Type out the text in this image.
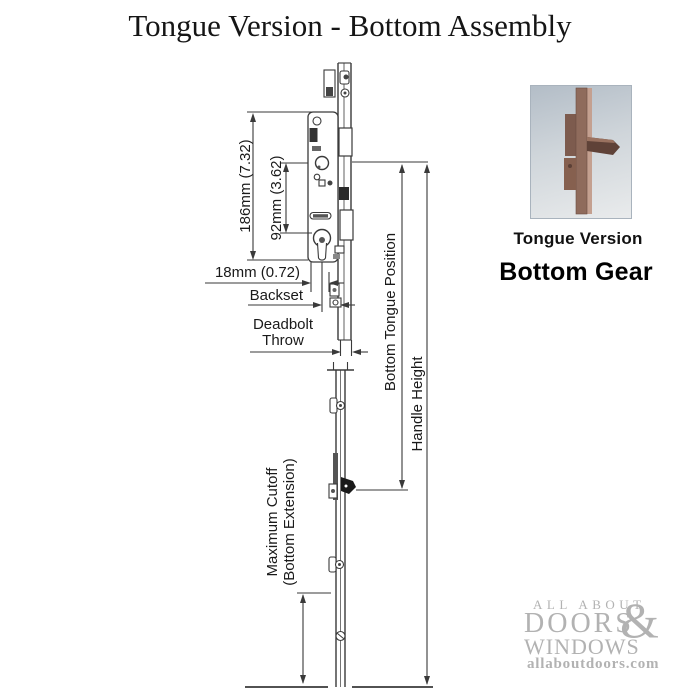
Tongue Version - Bottom Assembly
186mm (7.32) 92mm (3.62)
18mm (0.72)
Backset
Deadbolt
Throw	Bottom Tongue Position
Handle Height
Maximum Cutoff (Bottom Extension)
Tongue Version
Bottom Gear
ALL ABOUT
DOORS
&
WINDOWS
allaboutdoors.com
